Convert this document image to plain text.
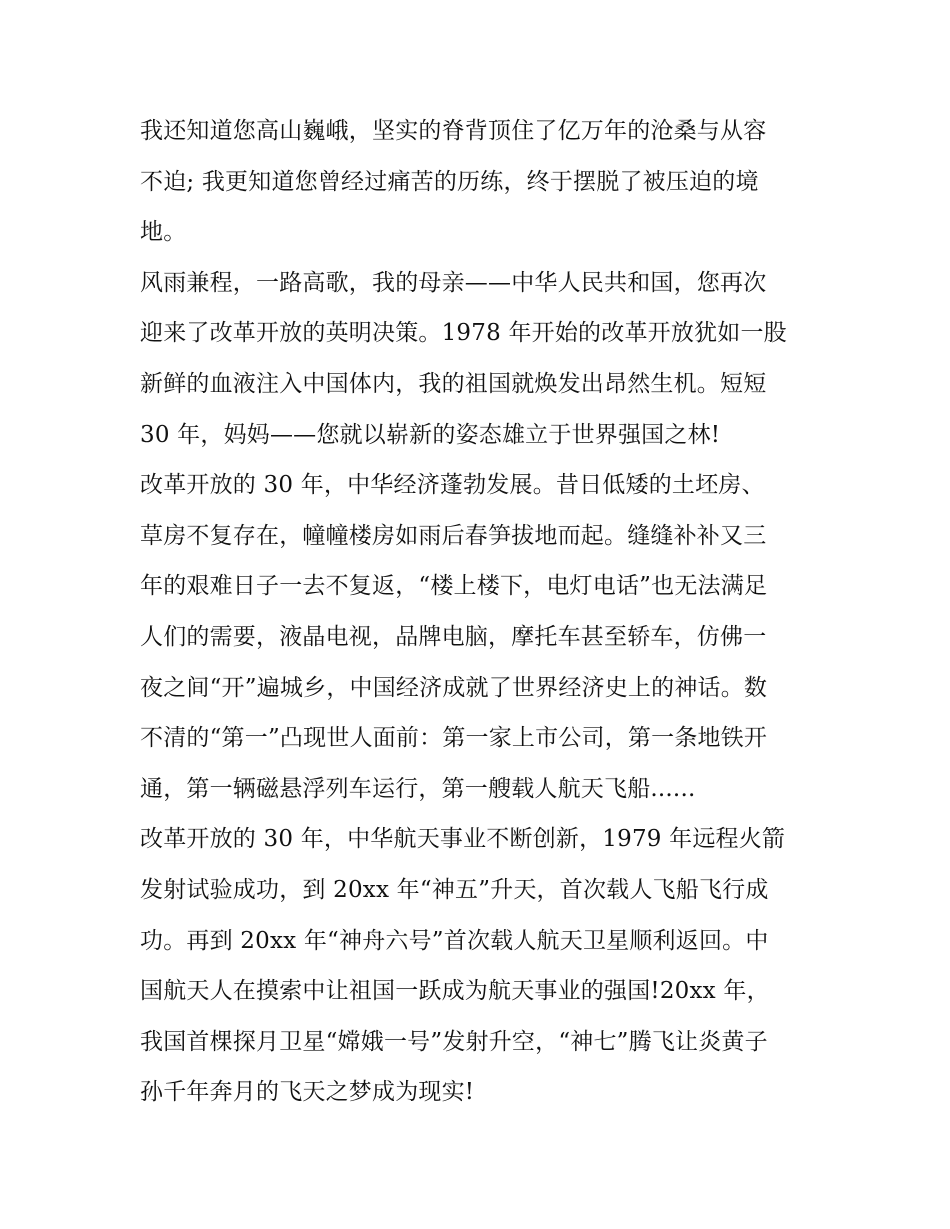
我还知道您高山巍峨，坚实的脊背顶住了亿万年的沧桑与从容
不迫; 我更知道您曾经过痛苦的历练，终于摆脱了被压迫的境
地。
风雨兼程，一路高歌，我的母亲——中华人民共和国，您再次
迎来了改革开放的英明决策。1978 年开始的改革开放犹如一股
新鲜的血液注入中国体内，我的祖国就焕发出昂然生机。短短
30 年，妈妈——您就以崭新的姿态雄立于世界强国之林!
改革开放的 30 年，中华经济蓬勃发展。昔日低矮的土坯房、
草房不复存在，幢幢楼房如雨后春笋拔地而起。缝缝补补又三
年的艰难日子一去不复返，“楼上楼下，电灯电话”也无法满足
人们的需要，液晶电视，品牌电脑，摩托车甚至轿车，仿佛一
夜之间“开”遍城乡，中国经济成就了世界经济史上的神话。数
不清的“第一”凸现世人面前：第一家上市公司，第一条地铁开
通，第一辆磁悬浮列车运行，第一艘载人航天飞船......
改革开放的 30 年，中华航天事业不断创新，1979 年远程火箭
发射试验成功，到 20xx 年“神五”升天，首次载人飞船飞行成
功。再到 20xx 年“神舟六号”首次载人航天卫星顺利返回。中
国航天人在摸索中让祖国一跃成为航天事业的强国!20xx 年，
我国首棵探月卫星“嫦娥一号”发射升空，“神七”腾飞让炎黄子
孙千年奔月的飞天之梦成为现实!
